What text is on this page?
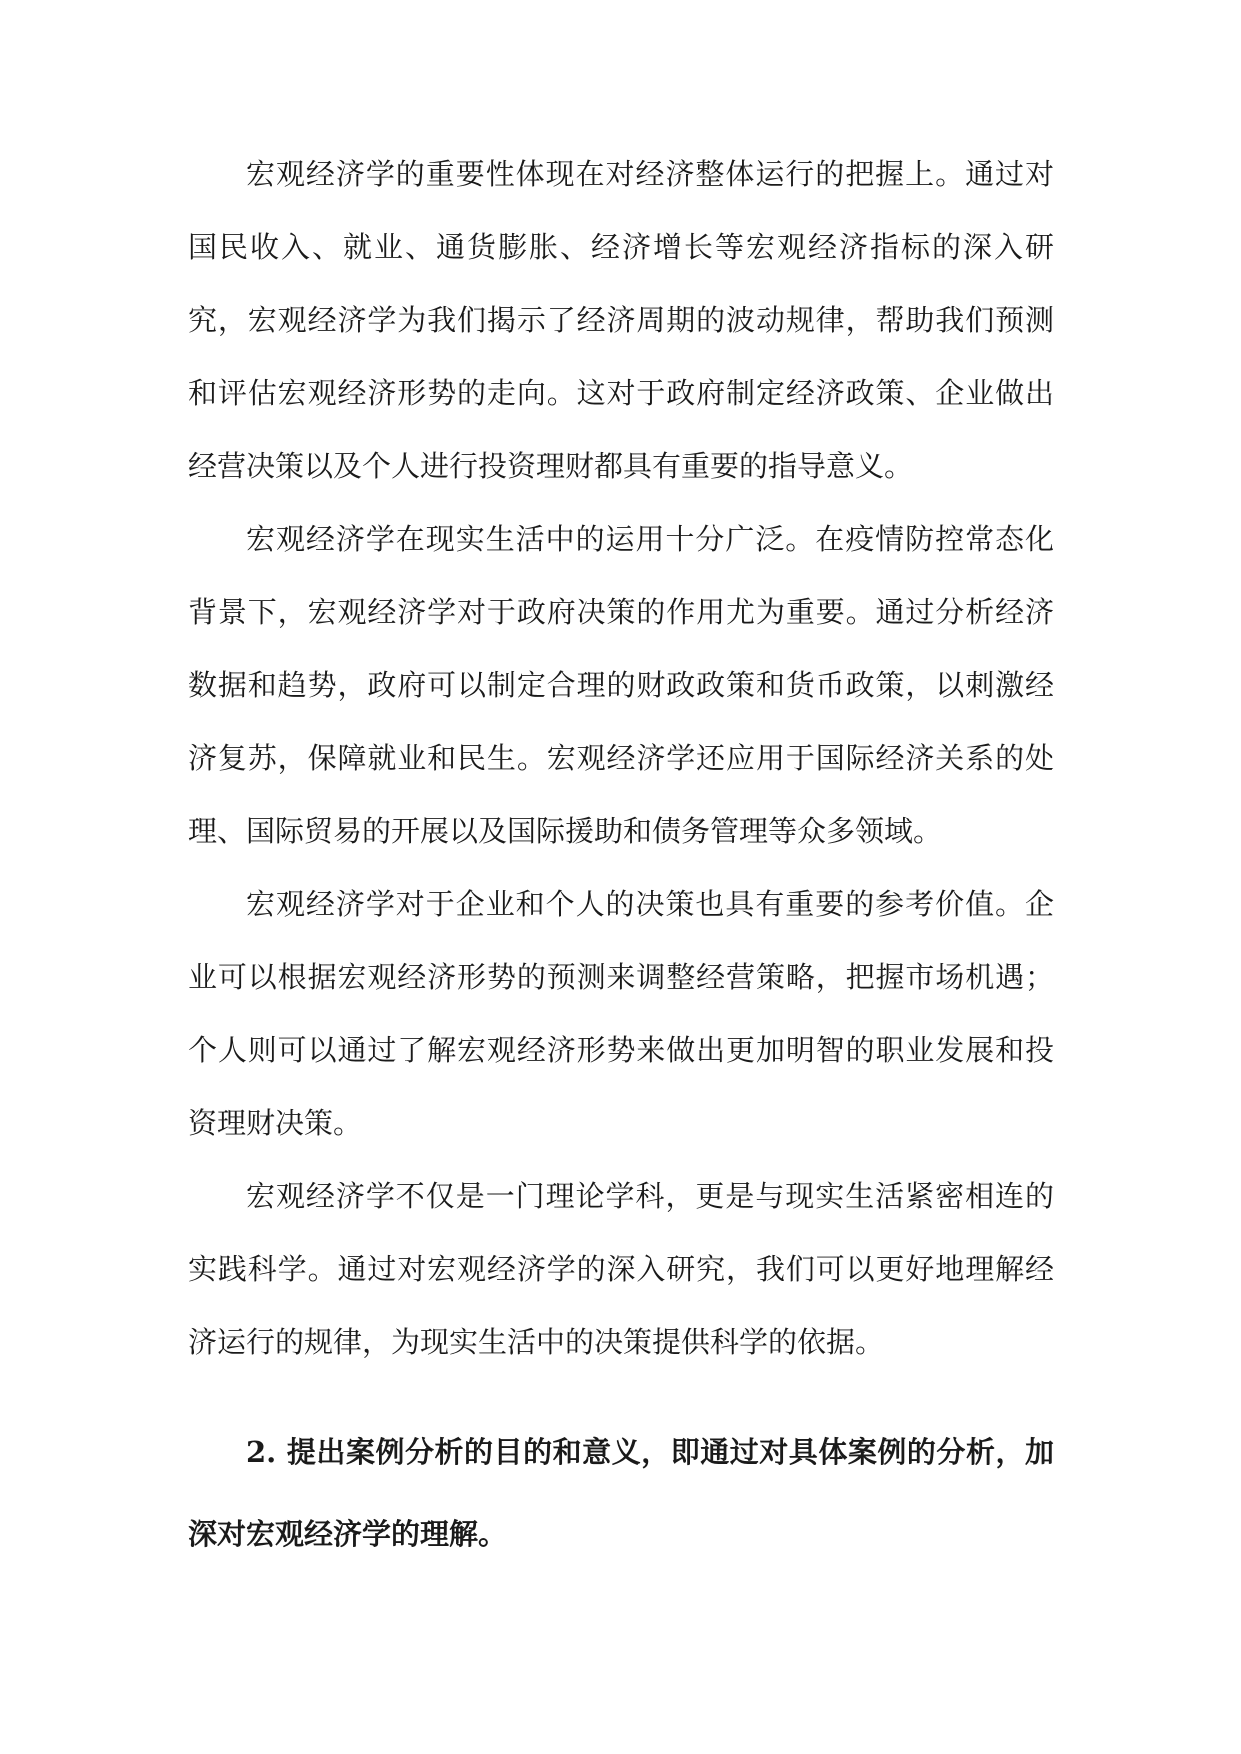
宏观经济学的重要性体现在对经济整体运行的把握上。通过对国民收入、就业、通货膨胀、经济增长等宏观经济指标的深入研究，宏观经济学为我们揭示了经济周期的波动规律，帮助我们预测和评估宏观经济形势的走向。这对于政府制定经济政策、企业做出经营决策以及个人进行投资理财都具有重要的指导意义。

宏观经济学在现实生活中的运用十分广泛。在疫情防控常态化背景下，宏观经济学对于政府决策的作用尤为重要。通过分析经济数据和趋势，政府可以制定合理的财政政策和货币政策，以刺激经济复苏，保障就业和民生。宏观经济学还应用于国际经济关系的处理、国际贸易的开展以及国际援助和债务管理等众多领域。

宏观经济学对于企业和个人的决策也具有重要的参考价值。企业可以根据宏观经济形势的预测来调整经营策略，把握市场机遇；个人则可以通过了解宏观经济形势来做出更加明智的职业发展和投资理财决策。

宏观经济学不仅是一门理论学科，更是与现实生活紧密相连的实践科学。通过对宏观经济学的深入研究，我们可以更好地理解经济运行的规律，为现实生活中的决策提供科学的依据。

2. 提出案例分析的目的和意义，即通过对具体案例的分析，加深对宏观经济学的理解。
